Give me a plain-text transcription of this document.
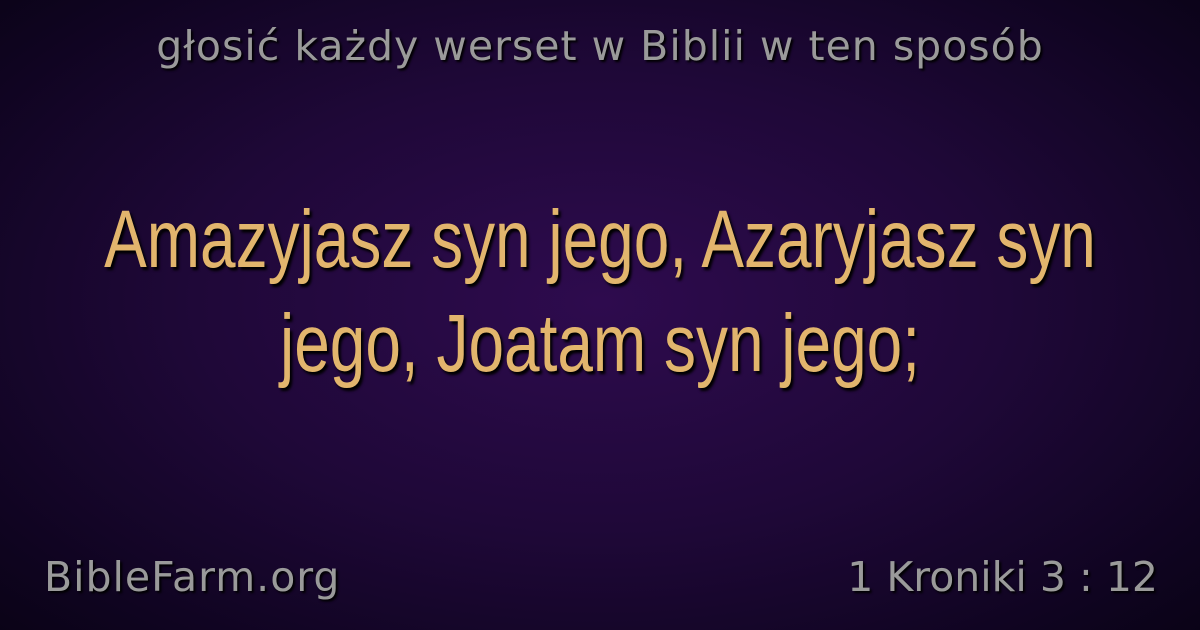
głosić każdy werset w Biblii w ten sposób
Amazyjasz syn jego, Azaryjasz syn jego, Joatam syn jego;
BibleFarm.org	1 Kroniki 3 : 12
